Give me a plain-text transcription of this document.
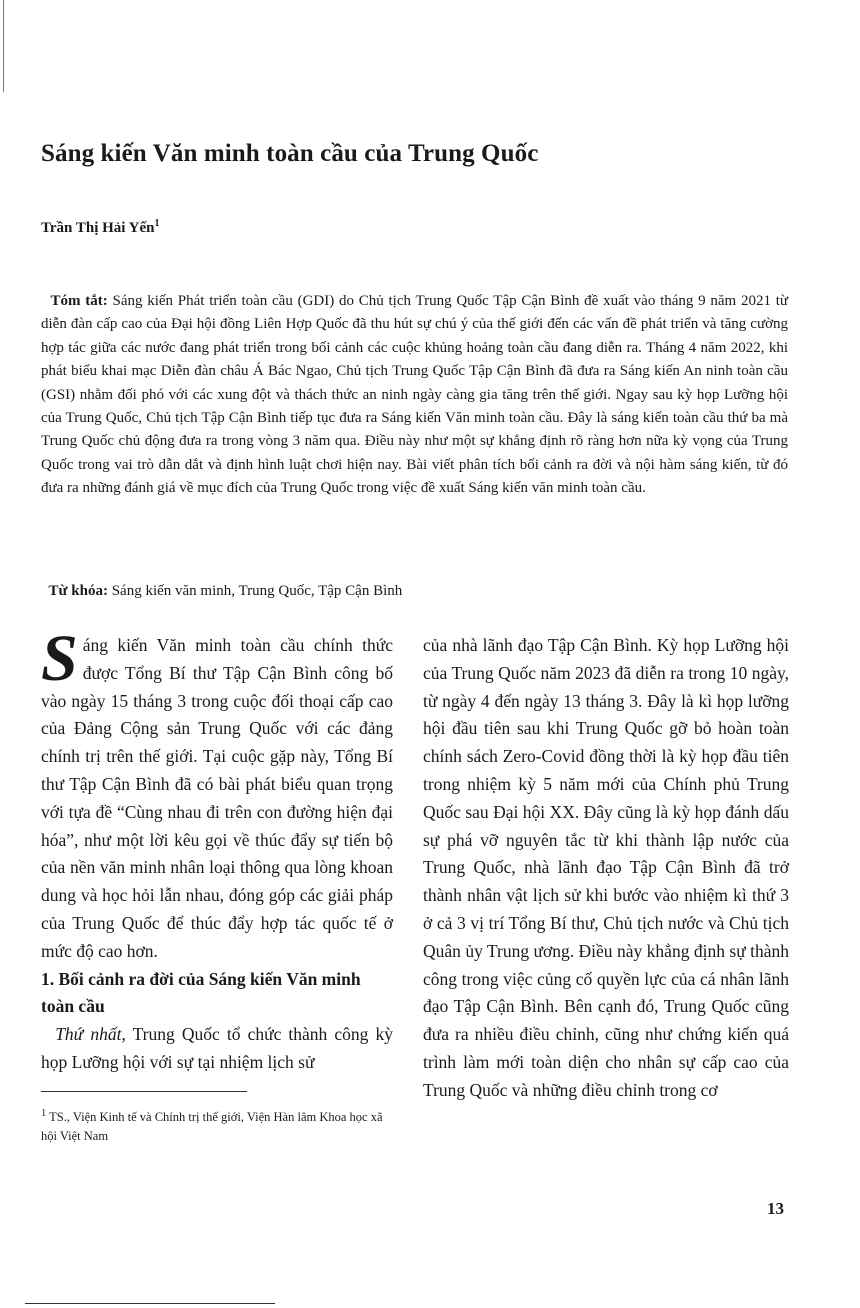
Sáng kiến Văn minh toàn cầu của Trung Quốc
Trần Thị Hải Yến$^1$
Tóm tắt: Sáng kiến Phát triển toàn cầu (GDI) do Chủ tịch Trung Quốc Tập Cận Bình đề xuất vào tháng 9 năm 2021 từ diễn đàn cấp cao của Đại hội đồng Liên Hợp Quốc đã thu hút sự chú ý của thế giới đến các vấn đề phát triển và tăng cường hợp tác giữa các nước đang phát triển trong bối cảnh các cuộc khủng hoảng toàn cầu đang diễn ra. Tháng 4 năm 2022, khi phát biểu khai mạc Diễn đàn châu Á Bác Ngao, Chủ tịch Trung Quốc Tập Cận Bình đã đưa ra Sáng kiến An ninh toàn cầu (GSI) nhằm đối phó với các xung đột và thách thức an ninh ngày càng gia tăng trên thế giới. Ngay sau kỳ họp Lưỡng hội của Trung Quốc, Chủ tịch Tập Cận Bình tiếp tục đưa ra Sáng kiến Văn minh toàn cầu. Đây là sáng kiến toàn cầu thứ ba mà Trung Quốc chủ động đưa ra trong vòng 3 năm qua. Điều này như một sự khẳng định rõ ràng hơn nữa kỳ vọng của Trung Quốc trong vai trò dẫn dắt và định hình luật chơi hiện nay. Bài viết phân tích bối cảnh ra đời và nội hàm sáng kiến, từ đó đưa ra những đánh giá về mục đích của Trung Quốc trong việc đề xuất Sáng kiến văn minh toàn cầu.
Từ khóa: Sáng kiến văn minh, Trung Quốc, Tập Cận Bình

Sáng kiến Văn minh toàn cầu chính thức được Tổng Bí thư Tập Cận Bình công bố vào ngày 15 tháng 3 trong cuộc đối thoại cấp cao của Đảng Cộng sản Trung Quốc với các đảng chính trị trên thế giới. Tại cuộc gặp này, Tổng Bí thư Tập Cận Bình đã có bài phát biểu quan trọng với tựa đề “Cùng nhau đi trên con đường hiện đại hóa”, như một lời kêu gọi về thúc đẩy sự tiến bộ của nền văn minh nhân loại thông qua lòng khoan dung và học hỏi lẫn nhau, đóng góp các giải pháp của Trung Quốc để thúc đẩy hợp tác quốc tế ở mức độ cao hơn.

1. Bối cảnh ra đời của Sáng kiến Văn minh toàn cầu

Thứ nhất, Trung Quốc tổ chức thành công kỳ họp Lưỡng hội với sự tại nhiệm lịch sử

của nhà lãnh đạo Tập Cận Bình. Kỳ họp Lưỡng hội của Trung Quốc năm 2023 đã diễn ra trong 10 ngày, từ ngày 4 đến ngày 13 tháng 3. Đây là kì họp lưỡng hội đầu tiên sau khi Trung Quốc gỡ bỏ hoàn toàn chính sách Zero-Covid đồng thời là kỳ họp đầu tiên trong nhiệm kỳ 5 năm mới của Chính phủ Trung Quốc sau Đại hội XX. Đây cũng là kỳ họp đánh dấu sự phá vỡ nguyên tắc từ khi thành lập nước của Trung Quốc, nhà lãnh đạo Tập Cận Bình đã trở thành nhân vật lịch sử khi bước vào nhiệm kì thứ 3 ở cả 3 vị trí Tổng Bí thư, Chủ tịch nước và Chủ tịch Quân ủy Trung ương. Điều này khẳng định sự thành công trong việc củng cố quyền lực của cá nhân lãnh đạo Tập Cận Bình. Bên cạnh đó, Trung Quốc cũng đưa ra nhiều điều chỉnh, cũng như chứng kiến quá trình làm mới toàn diện cho nhân sự cấp cao của Trung Quốc và những điều chỉnh trong cơ

$^1$ TS., Viện Kinh tế và Chính trị thế giới, Viện Hàn lâm Khoa học xã hội Việt Nam
13
